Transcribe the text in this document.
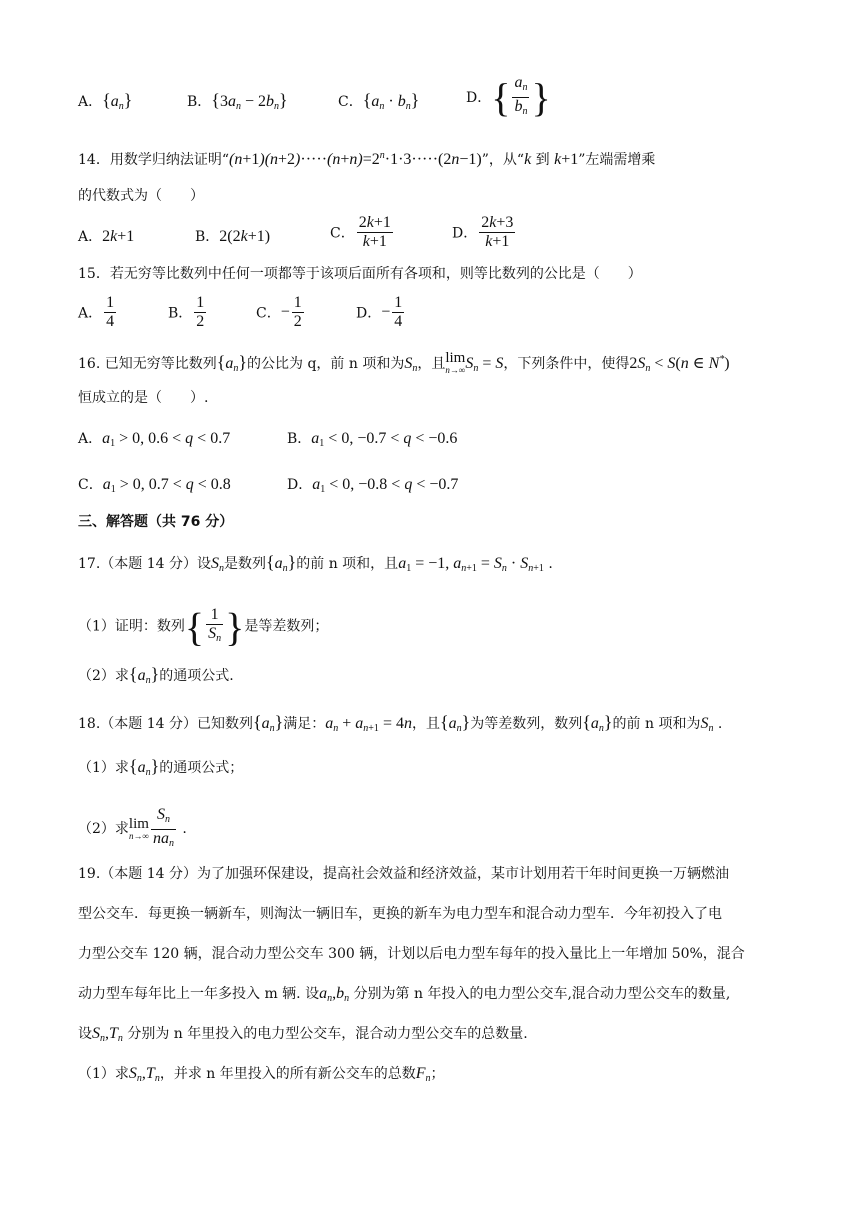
A．$\{a_n\}$	B．$\{3a_n - 2b_n\}$	C．$\{a_n \cdot b_n\}$	D．{ $\frac{a_n}{b_n}$ }
14．用数学归纳法证明“$(n+1)(n+2)\cdot\cdot\cdot\cdot\cdot(n+n)=2^n\cdot 1\cdot 3\cdot\cdot\cdot\cdot\cdot(2n-1)$”，从“k 到 k+1”左端需增乘
的代数式为（　　）
A．2k+1	B．2(2k+1)	C． $\frac{2k+1}{k+1}$	D． $\frac{2k+3}{k+1}$
15．若无穷等比数列中任何一项都等于该项后面所有各项和，则等比数列的公比是（　　）
A． $\frac{1}{4}$	B． $\frac{1}{2}$	C．− $\frac{1}{2}$	D．− $\frac{1}{4}$
16. 已知无穷等比数列$\{a_n\}$的公比为 q，前 n 项和为$S_n$，且 lim
n→∞ $S_n = S$，下列条件中，使得$2S_n < S(n$ ∈ N*)
恒成立的是（　　）.
A．$a_1 > 0$, 0.6 < q < 0.7	B．$a_1 < 0$, −0.7 < q < −0.6
C．$a_1 > 0$, 0.7 < q < 0.8	D．$a_1 < 0$, −0.8 < q < −0.7
三、解答题（共 76 分）
17.（本题 14 分）设$S_n$是数列$\{a_n\}$的前 n 项和，且$a_1 = -1$, $a_{n+1} = S_n \cdot S_{n+1}$ .
（1）证明：数列{ $\frac{1}{S_n}$ }是等差数列；
（2）求$\{a_n\}$的通项公式.
18.（本题 14 分）已知数列$\{a_n\}$满足：$a_n + a_{n+1} = 4n$，且$\{a_n\}$为等差数列，数列$\{a_n\}$的前 n 项和为$S_n$ .
（1）求$\{a_n\}$的通项公式；
（2）求 lim
$n\to\infty \frac{S_n}{na_n}$ .
19.（本题 14 分）为了加强环保建设，提高社会效益和经济效益，某市计划用若干年时间更换一万辆燃油
型公交车．每更换一辆新车，则淘汰一辆旧车，更换的新车为电力型车和混合动力型车．今年初投入了电
力型公交车 120 辆，混合动力型公交车 300 辆，计划以后电力型车每年的投入量比上一年增加 50%，混合
动力型车每年比上一年多投入 m 辆. 设$a_n,b_n$ 分别为第 n 年投入的电力型公交车,混合动力型公交车的数量,
设$S_n,T_n$ 分别为 n 年里投入的电力型公交车，混合动力型公交车的总数量.
（1）求$S_n,T_n$，并求 n 年里投入的所有新公交车的总数$F_n$；
